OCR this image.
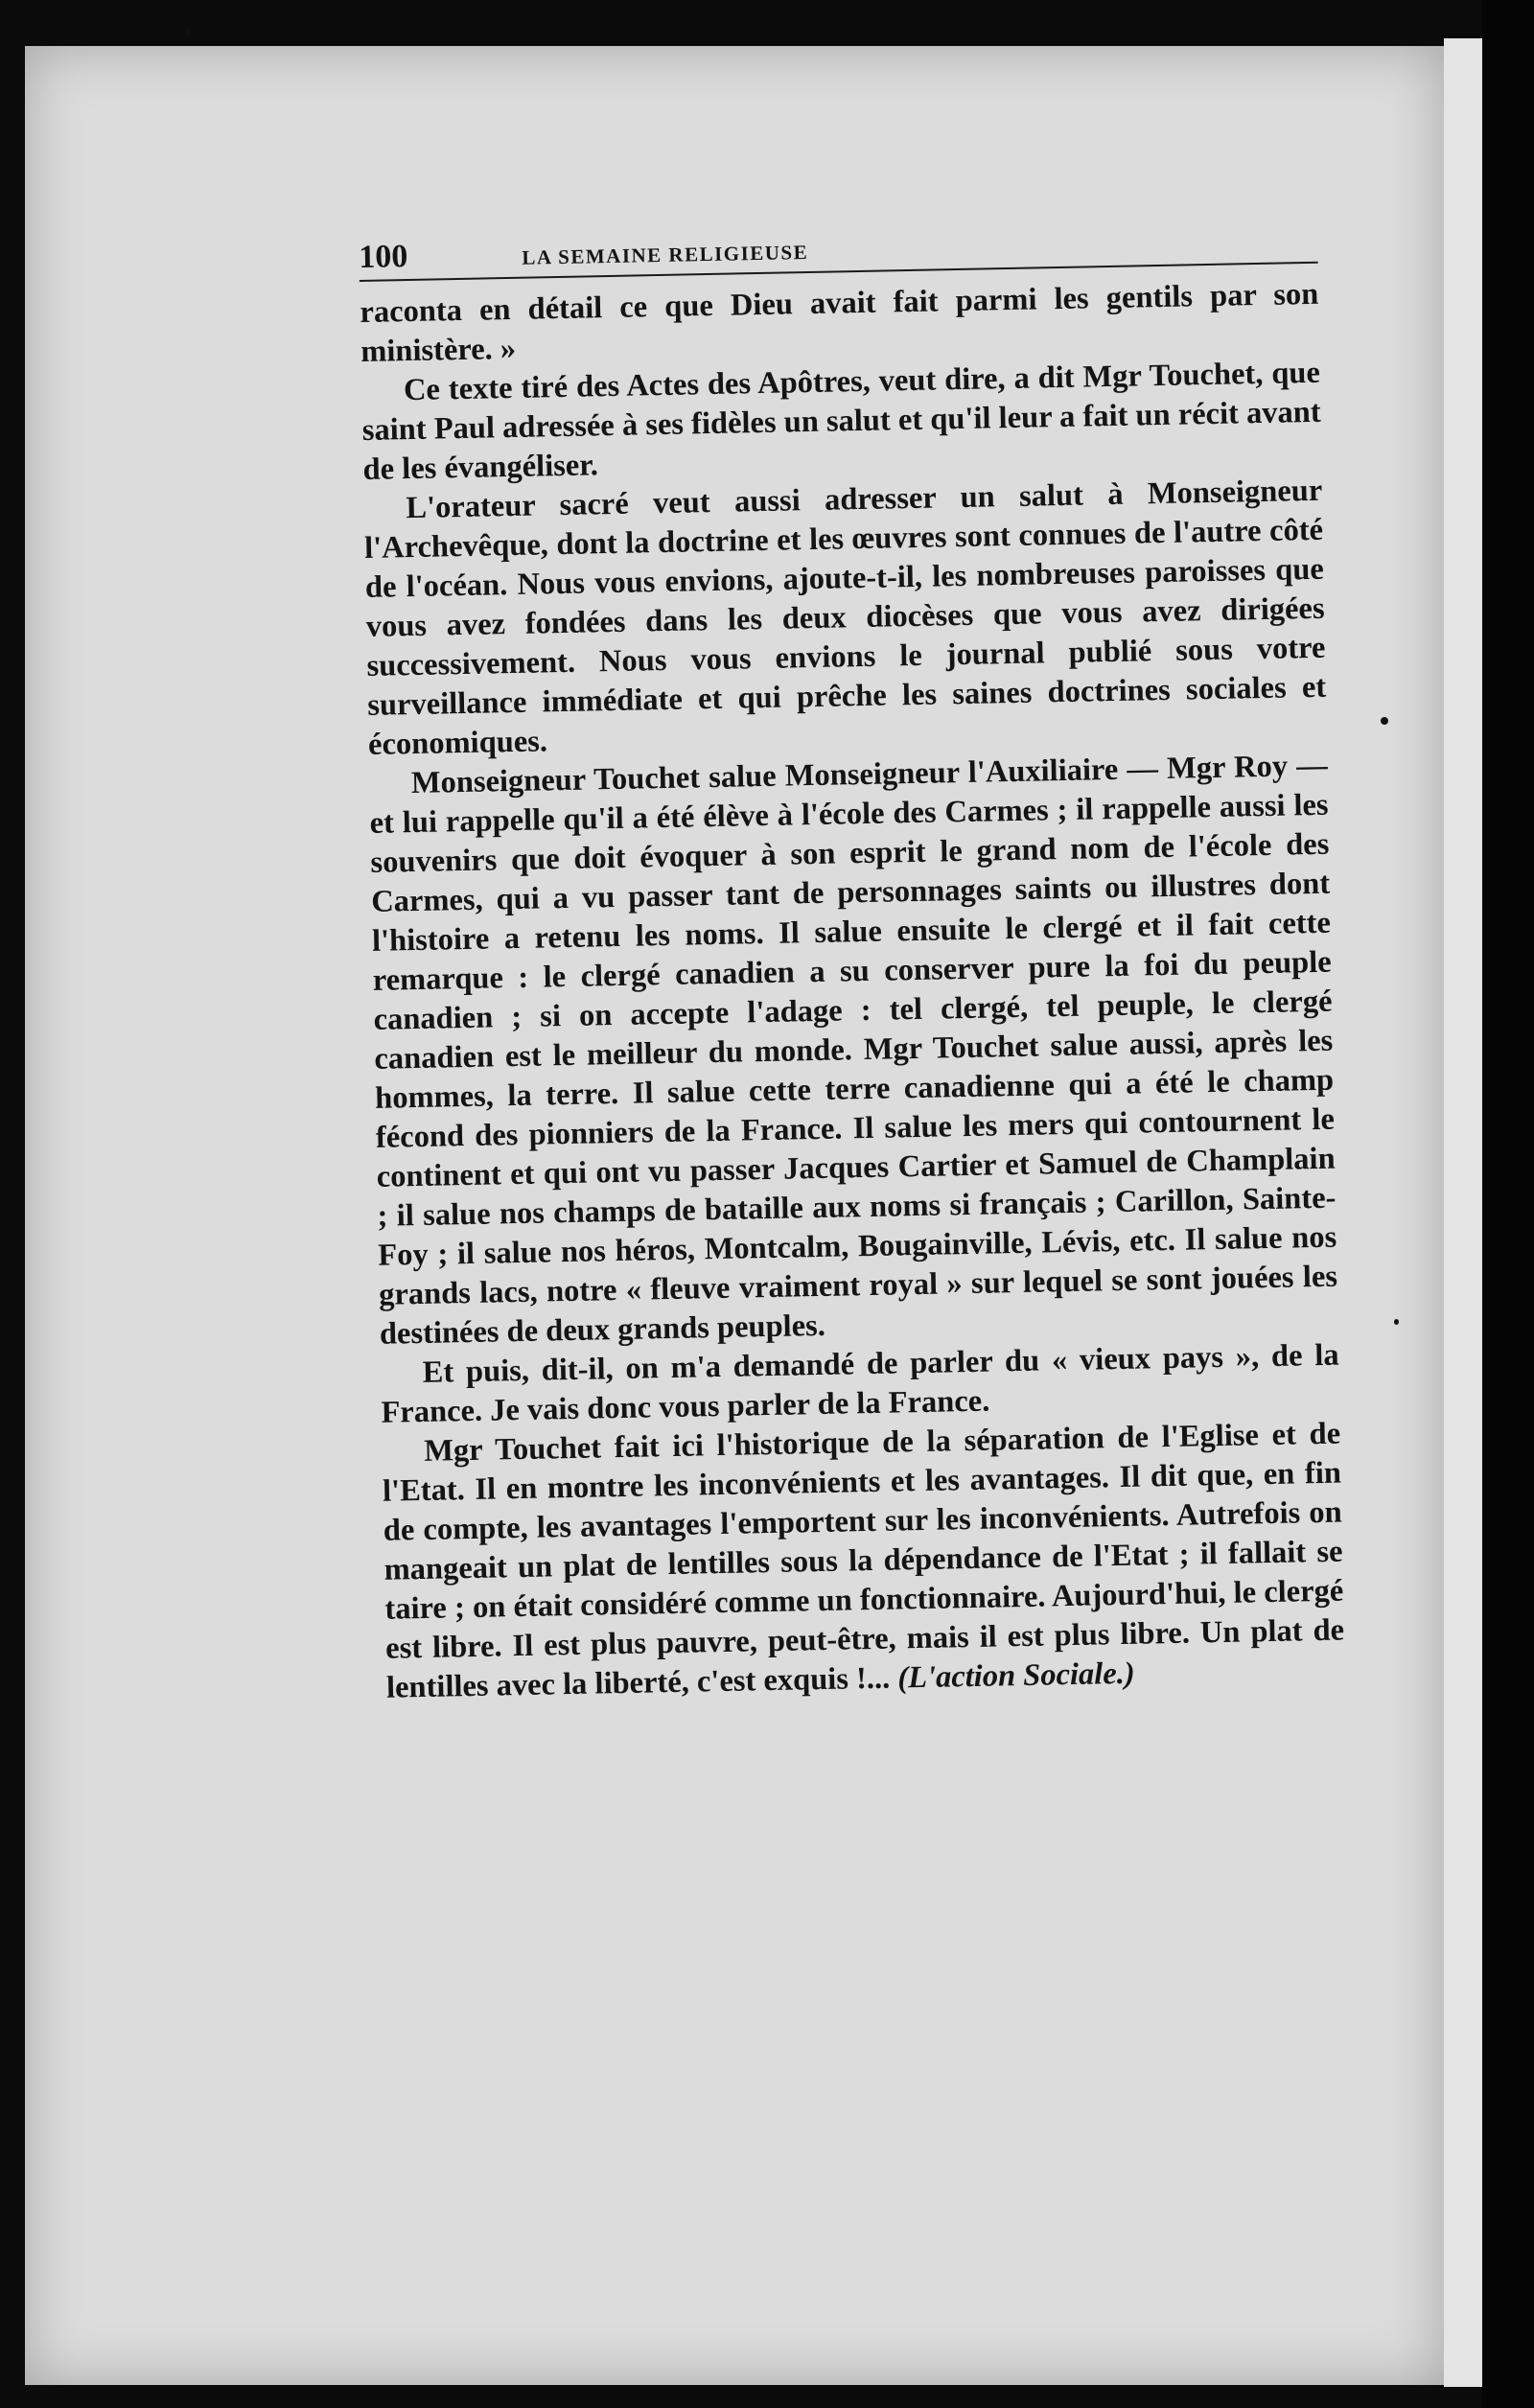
100	LA SEMAINE RELIGIEUSE

raconta en détail ce que Dieu avait fait parmi les gentils par son ministère. »

Ce texte tiré des Actes des Apôtres, veut dire, a dit Mgr Touchet, que saint Paul adressée à ses fidèles un salut et qu'il leur a fait un récit avant de les évangéliser.

L'orateur sacré veut aussi adresser un salut à Monseigneur l'Archevêque, dont la doctrine et les œuvres sont connues de l'autre côté de l'océan. Nous vous envions, ajoute-t-il, les nombreuses paroisses que vous avez fondées dans les deux diocèses que vous avez dirigées successivement. Nous vous envions le journal publié sous votre surveillance immédiate et qui prêche les saines doctrines sociales et économiques.

Monseigneur Touchet salue Monseigneur l'Auxiliaire — Mgr Roy — et lui rappelle qu'il a été élève à l'école des Carmes ; il rappelle aussi les souvenirs que doit évoquer à son esprit le grand nom de l'école des Carmes, qui a vu passer tant de personnages saints ou illustres dont l'histoire a retenu les noms. Il salue ensuite le clergé et il fait cette remarque : le clergé canadien a su conserver pure la foi du peuple canadien ; si on accepte l'adage : tel clergé, tel peuple, le clergé canadien est le meilleur du monde. Mgr Touchet salue aussi, après les hommes, la terre. Il salue cette terre canadienne qui a été le champ fécond des pionniers de la France. Il salue les mers qui contournent le continent et qui ont vu passer Jacques Cartier et Samuel de Champlain ; il salue nos champs de bataille aux noms si français ; Carillon, Sainte-Foy ; il salue nos héros, Montcalm, Bougainville, Lévis, etc. Il salue nos grands lacs, notre « fleuve vraiment royal » sur lequel se sont jouées les destinées de deux grands peuples.

Et puis, dit-il, on m'a demandé de parler du « vieux pays », de la France. Je vais donc vous parler de la France.

Mgr Touchet fait ici l'historique de la séparation de l'Eglise et de l'Etat. Il en montre les inconvénients et les avantages. Il dit que, en fin de compte, les avantages l'emportent sur les inconvénients. Autrefois on mangeait un plat de lentilles sous la dépendance de l'Etat ; il fallait se taire ; on était considéré comme un fonctionnaire. Aujourd'hui, le clergé est libre. Il est plus pauvre, peut-être, mais il est plus libre. Un plat de lentilles avec la liberté, c'est exquis !... (L'action Sociale.)
